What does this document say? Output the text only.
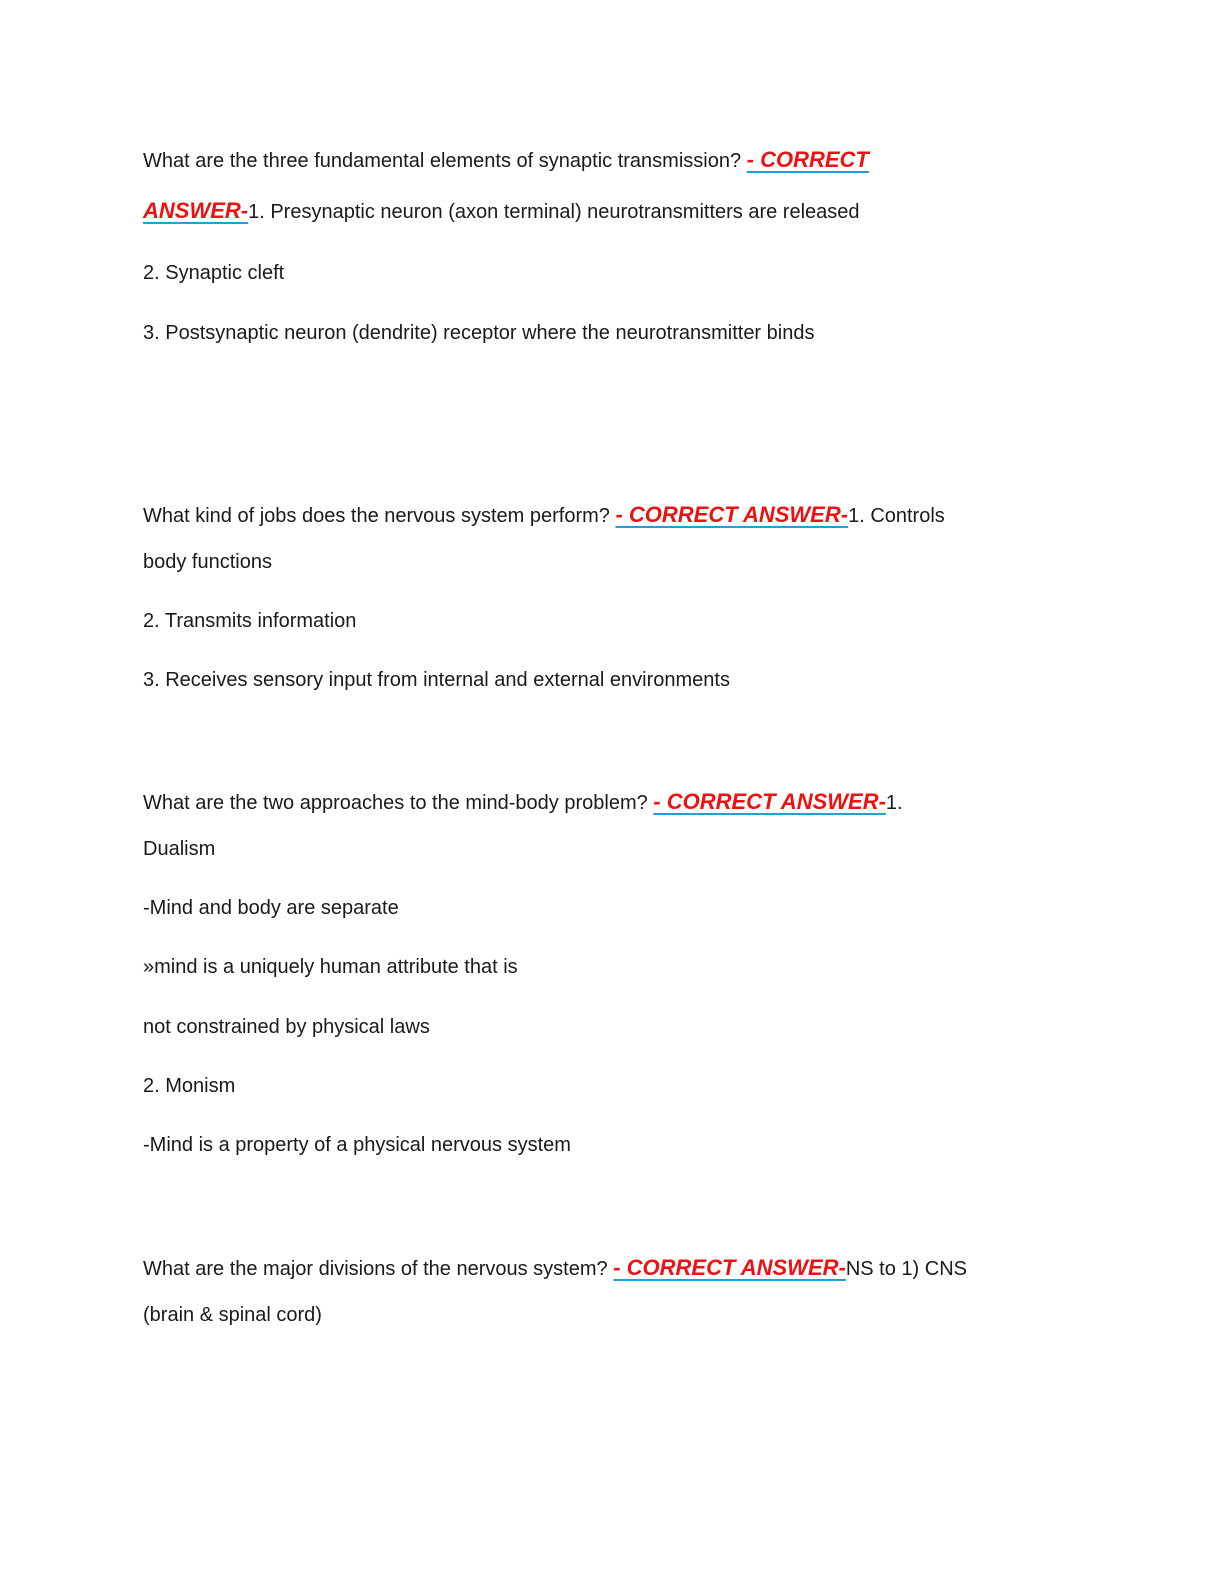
What are the three fundamental elements of synaptic transmission? - CORRECT
ANSWER-1. Presynaptic neuron (axon terminal) neurotransmitters are released
2. Synaptic cleft
3. Postsynaptic neuron (dendrite) receptor where the neurotransmitter binds
What kind of jobs does the nervous system perform? - CORRECT ANSWER-1. Controls
body functions
2. Transmits information
3. Receives sensory input from internal and external environments
What are the two approaches to the mind-body problem? - CORRECT ANSWER-1.
Dualism
-Mind and body are separate
»mind is a uniquely human attribute that is
not constrained by physical laws
2. Monism
-Mind is a property of a physical nervous system
What are the major divisions of the nervous system? - CORRECT ANSWER-NS to 1) CNS
(brain & spinal cord)
